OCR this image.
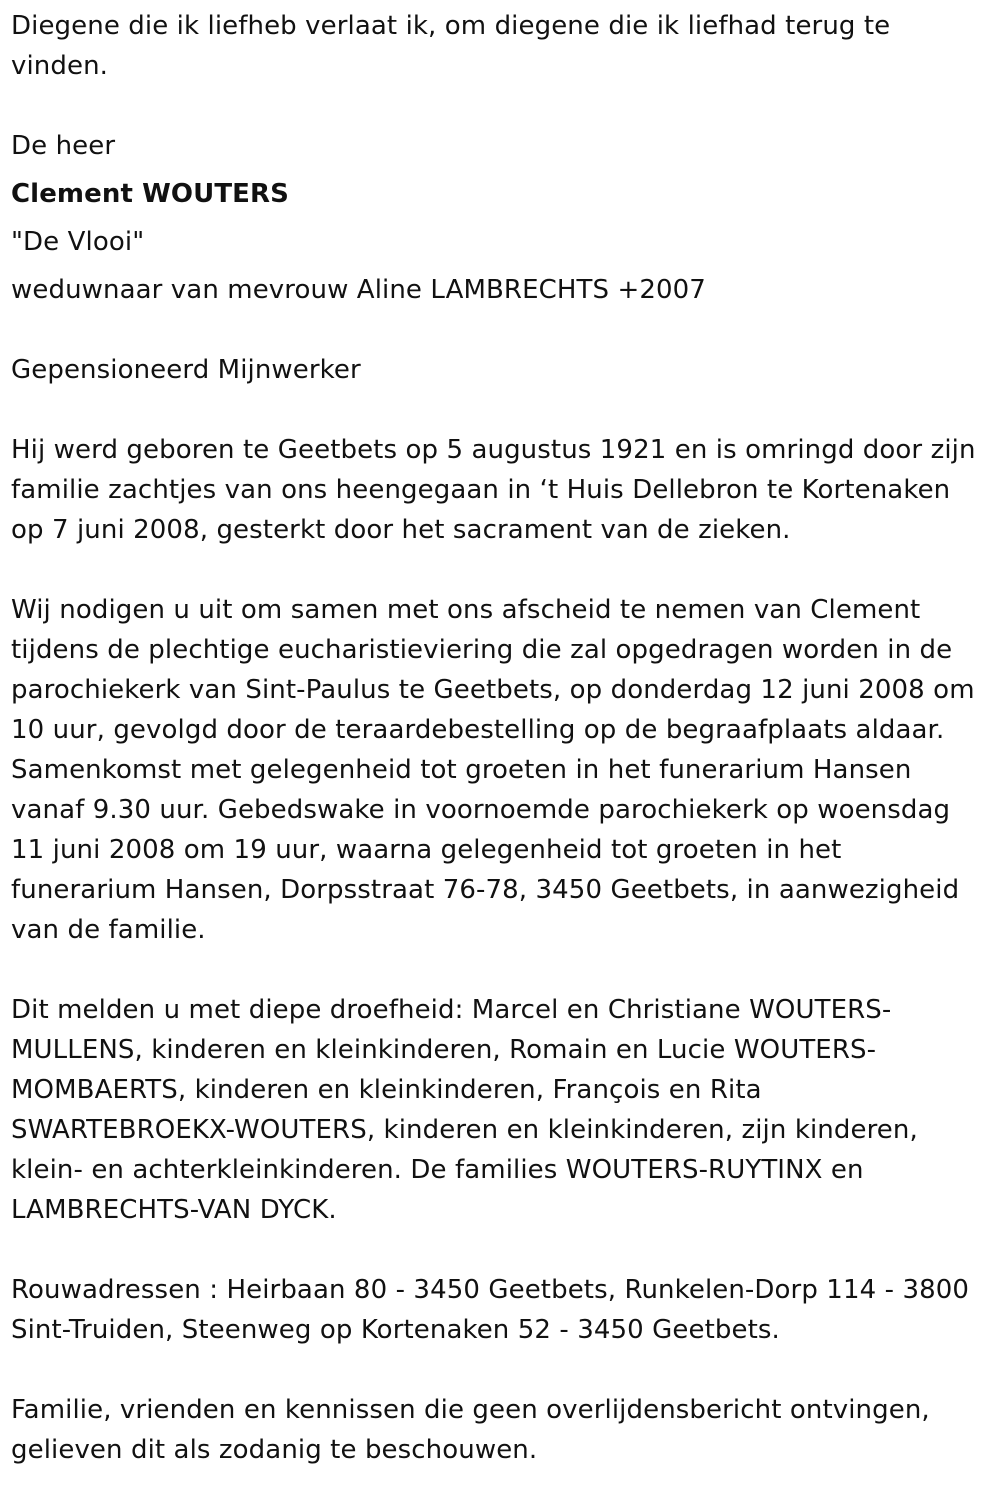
Diegene die ik liefheb verlaat ik, om diegene die ik liefhad terug te vinden.

De heer

Clement WOUTERS

"De Vlooi"

weduwnaar van mevrouw Aline LAMBRECHTS +2007

Gepensioneerd Mijnwerker

Hij werd geboren te Geetbets op 5 augustus 1921 en is omringd door zijn familie zachtjes van ons heengegaan in ‘t Huis Dellebron te Kortenaken op 7 juni 2008, gesterkt door het sacrament van de zieken.

Wij nodigen u uit om samen met ons afscheid te nemen van Clement tijdens de plechtige eucharistieviering die zal opgedragen worden in de parochiekerk van Sint-Paulus te Geetbets, op donderdag 12 juni 2008 om 10 uur, gevolgd door de teraardebestelling op de begraafplaats aldaar. Samenkomst met gelegenheid tot groeten in het funerarium Hansen vanaf 9.30 uur. Gebedswake in voornoemde parochiekerk op woensdag 11 juni 2008 om 19 uur, waarna gelegenheid tot groeten in het funerarium Hansen, Dorpsstraat 76-78, 3450 Geetbets, in aanwezigheid van de familie.

Dit melden u met diepe droefheid: Marcel en Christiane WOUTERS-MULLENS, kinderen en kleinkinderen, Romain en Lucie WOUTERS-MOMBAERTS, kinderen en kleinkinderen, François en Rita SWARTEBROEKX-WOUTERS, kinderen en kleinkinderen, zijn kinderen, klein- en achterkleinkinderen. De families WOUTERS-RUYTINX en LAMBRECHTS-VAN DYCK.

Rouwadressen : Heirbaan 80 - 3450 Geetbets, Runkelen-Dorp 114 - 3800 Sint-Truiden, Steenweg op Kortenaken 52 - 3450 Geetbets.

Familie, vrienden en kennissen die geen overlijdensbericht ontvingen, gelieven dit als zodanig te beschouwen.
